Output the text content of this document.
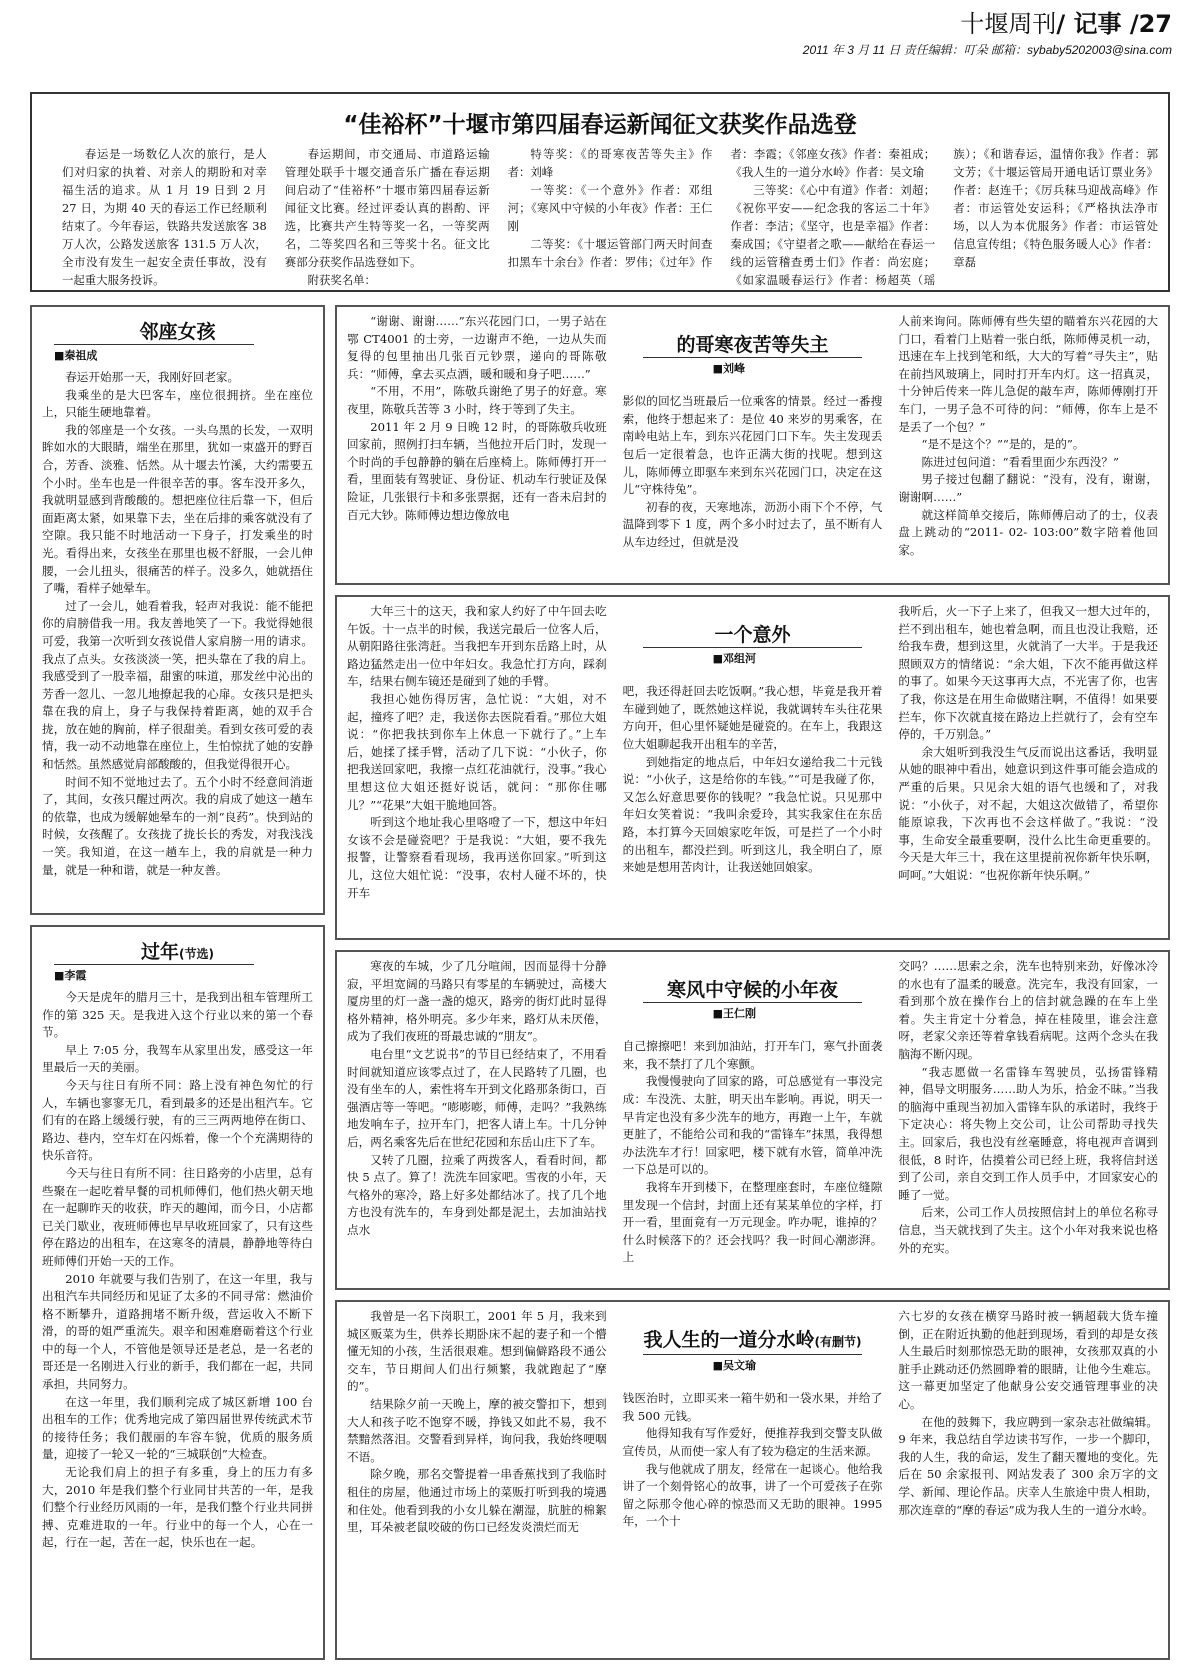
十堰周刊/ 记事 /27
2011 年 3 月 11 日 责任编辑：叮朵 邮箱：sybaby5202003@sina.com
“佳裕杯”十堰市第四届春运新闻征文获奖作品选登

春运是一场数亿人次的旅行，是人们对归家的执着、对亲人的期盼和对幸福生活的追求。从 1 月 19 日到 2 月 27 日，为期 40 天的春运工作已经顺利结束了。今年春运，铁路共发送旅客 38 万人次，公路发送旅客 131.5 万人次，全市没有发生一起安全责任事故，没有一起重大服务投诉。

春运期间，市交通局、市道路运输管理处联手十堰交通音乐广播在春运期间启动了“佳裕杯”十堰市第四届春运新闻征文比赛。经过评委认真的斟酌、评选，比赛共产生特等奖一名，一等奖两名，二等奖四名和三等奖十名。征文比赛部分获奖作品选登如下。

附获奖名单：

特等奖：《的哥寒夜苦等失主》作者：刘峰

一等奖：《一个意外》作者：邓组河；《寒风中守候的小年夜》作者：王仁刚

二等奖：《十堰运管部门两天时间查扣黑车十余台》作者：罗伟；《过年》作者：李霞；《邻座女孩》作者：秦祖成；《我人生的一道分水岭》作者：吴文瑜

三等奖：《心中有道》作者：刘超；《祝你平安——纪念我的客运二十年》作者：李洁；《坚守，也是幸福》作者：秦成国；《守望者之歌——献给在春运一线的运管稽查勇士们》作者：尚宏庭；《如家温暖春运行》作者：杨超英（瑶族）；《和谐春运，温情你我》作者：郭文芳；《十堰运管局开通电话订票业务》作者：赵连千；《厉兵秣马迎战高峰》作者：市运管处安运科；《严格执法净市场，以人为本优服务》作者：市运管处信息宣传组；《特色服务暖人心》作者：章磊

邻座女孩
■秦祖成

春运开始那一天，我刚好回老家。

我乘坐的是大巴客车，座位很拥挤。坐在座位上，只能生硬地靠着。

我的邻座是一个女孩。一头乌黑的长发，一双明眸如水的大眼睛，端坐在那里，犹如一束盛开的野百合，芳香、淡雅、恬然。从十堰去竹溪，大约需要五个小时。坐车也是一件很辛苦的事。客车没开多久，我就明显感到背酸酸的。想把座位往后靠一下，但后面距离太紧，如果靠下去，坐在后排的乘客就没有了空隙。我只能不时地活动一下身子，打发乘坐的时光。看得出来，女孩坐在那里也极不舒服，一会儿伸腰，一会儿扭头，很痛苦的样子。没多久，她就捂住了嘴，看样子她晕车。

过了一会儿，她看着我，轻声对我说：能不能把你的肩膀借我一用。我友善地笑了一下。我觉得她很可爱，我第一次听到女孩说借人家肩膀一用的请求。我点了点头。女孩淡淡一笑，把头靠在了我的肩上。我感受到了一股幸福，甜蜜的味道，那发丝中沁出的芳香一忽儿、一忽儿地撩起我的心扉。女孩只是把头靠在我的肩上，身子与我保持着距离，她的双手合拢，放在她的胸前，样子很甜美。看到女孩可爱的表情，我一动不动地靠在座位上，生怕惊扰了她的安静和恬然。虽然感觉肩部酸酸的，但我觉得很开心。

时间不知不觉地过去了。五个小时不经意间消逝了，其间，女孩只醒过两次。我的肩成了她这一趟车的依靠，也成为缓解她晕车的一剂“良药”。快到站的时候，女孩醒了。女孩拢了拢长长的秀发，对我浅浅一笑。我知道，在这一趟车上，我的肩就是一种力量，就是一种和谐，就是一种友善。

过年(节选)
■李霞

今天是虎年的腊月三十，是我到出租车管理所工作的第 325 天。是我进入这个行业以来的第一个春节。

早上 7:05 分，我驾车从家里出发，感受这一年里最后一天的美丽。

今天与往日有所不同：路上没有神色匆忙的行人，车辆也寥寥无几，看到最多的还是出租汽车。它们有的在路上缓缓行驶，有的三三两两地停在街口、路边、巷内，空车灯在闪烁着，像一个个充满期待的快乐音符。

今天与往日有所不同：往日路旁的小店里，总有些聚在一起吃着早餐的司机师傅们，他们热火朝天地在一起聊昨天的收获，昨天的趣闻，而今日，小店都已关门歇业，夜班师傅也早早收班回家了，只有这些停在路边的出租车，在这寒冬的清晨，静静地等待白班师傅们开始一天的工作。

2010 年就要与我们告别了，在这一年里，我与出租汽车共同经历和见证了太多的不同寻常：燃油价格不断攀升，道路拥堵不断升级，营运收入不断下滑，的哥的姐严重流失。艰辛和困难磨砺着这个行业中的每一个人，不管他是领导还是老总，是一名老的哥还是一名刚进入行业的新手，我们都在一起，共同承担，共同努力。

在这一年里，我们顺利完成了城区新增 100 台出租车的工作；优秀地完成了第四届世界传统武术节的接待任务；我们靓丽的车容车貌，优质的服务质量，迎接了一轮又一轮的“三城联创”大检查。

无论我们肩上的担子有多重，身上的压力有多大，2010 年是我们整个行业同甘共苦的一年，是我们整个行业经历风雨的一年，是我们整个行业共同拼搏、克难进取的一年。行业中的每一个人，心在一起，行在一起，苦在一起，快乐也在一起。

“谢谢、谢谢……”东兴花园门口，一男子站在鄂 CT4001 的士旁，一边谢声不绝，一边从失而复得的包里抽出几张百元钞票，递向的哥陈敬兵：“师傅，拿去买点酒，暖和暖和身子吧……”

“不用，不用”，陈敬兵谢绝了男子的好意。寒夜里，陈敬兵苦等 3 小时，终于等到了失主。

2011 年 2 月 9 日晚 12 时，的哥陈敬兵收班回家前，照例打扫车辆，当他拉开后门时，发现一个时尚的手包静静的躺在后座椅上。陈师傅打开一看，里面装有驾驶证、身份证、机动车行驶证及保险证，几张银行卡和多张票据，还有一沓未启封的百元大钞。陈师傅边想边像放电

的哥寒夜苦等失主
■刘峰

影似的回忆当班最后一位乘客的情景。经过一番搜索，他终于想起来了：是位 40 来岁的男乘客，在南岭电站上车，到东兴花园门口下车。失主发现丢包后一定很着急，也许正满大街的找呢。想到这儿，陈师傅立即驱车来到东兴花园门口，决定在这儿“守株待兔”。

初春的夜，天寒地冻，沥沥小雨下个不停，气温降到零下 1 度，两个多小时过去了，虽不断有人从车边经过，但就是没

人前来询问。陈师傅有些失望的瞄着东兴花园的大门口，看着门上贴着一张白纸，陈师傅灵机一动，迅速在车上找到笔和纸，大大的写着“寻失主”，贴在前挡风玻璃上，同时打开车内灯。这一招真灵，十分钟后传来一阵儿急促的敲车声，陈师傅刚打开车门，一男子急不可待的问：“师傅，你车上是不是丢了一个包？”

“是不是这个？”“是的，是的”。

陈进过包问道：“看看里面少东西没？”

男子接过包翻了翻说：“没有，没有，谢谢，谢谢啊……”

就这样简单交接后，陈师傅启动了的士，仪表盘上跳动的“2011- 02- 103:00”数字陪着他回家。

大年三十的这天，我和家人约好了中午回去吃午饭。十一点半的时候，我送完最后一位客人后，从朝阳路往张湾赶。当我把车开到东岳路上时，从路边猛然走出一位中年妇女。我急忙打方向，踩刹车，结果右侧车镜还是碰到了她的手臂。

我担心她伤得厉害，急忙说：“大姐，对不起，撞疼了吧？走，我送你去医院看看。”那位大姐说：“你把我扶到你车上休息一下就行了。”上车后，她揉了揉手臂，活动了几下说：“小伙子，你把我送回家吧，我擦一点红花油就行，没事。”我心里想这位大姐还挺好说话，就问：“那你住哪儿？”“花果”大姐干脆地回答。

听到这个地址我心里咯噔了一下，想这中年妇女该不会是碰瓷吧？于是我说：“大姐，要不我先报警，让警察看看现场，我再送你回家。”听到这儿，这位大姐忙说：“没事，农村人碰不坏的，快开车

一个意外
■邓组河

吧，我还得赶回去吃饭啊。”我心想，毕竟是我开着车碰到她了，既然她这样说，我就调转车头往花果方向开，但心里怀疑她是碰瓷的。在车上，我跟这位大姐聊起我开出租车的辛苦，

到她指定的地点后，中年妇女递给我二十元钱说：“小伙子，这是给你的车钱。”“可是我碰了你，又怎么好意思要你的钱呢？”我急忙说。只见那中年妇女笑着说：“我叫余爱玲，其实我家住在东岳路，本打算今天回娘家吃年饭，可是拦了一个小时的出租车，都没拦到。听到这儿，我全明白了，原来她是想用苦肉计，让我送她回娘家。

我听后，火一下子上来了，但我又一想大过年的，拦不到出租车，她也着急啊，而且也没让我赔，还给我车费，想到这里，火就消了一大半。于是我还照顾双方的情绪说：“余大姐，下次不能再做这样的事了。如果今天这事再大点，不光害了你，也害了我，你这是在用生命做赌注啊，不值得！如果要拦车，你下次就直接在路边上拦就行了，会有空车停的，千万别急。”

余大姐听到我没生气反而说出这番话，我明显从她的眼神中看出，她意识到这件事可能会造成的严重的后果。只见余大姐的语气也缓和了，对我说：“小伙子，对不起，大姐这次做错了，希望你能原谅我，下次再也不会这样做了。”我说：“没事，生命安全最重要啊，没什么比生命更重要的。今天是大年三十，我在这里提前祝你新年快乐啊，呵呵。”大姐说：“也祝你新年快乐啊。”

寒夜的车城，少了几分喧闹，因而显得十分静寂，平坦宽阔的马路只有零星的车辆驶过，高楼大厦房里的灯一盏一盏的熄灭，路旁的街灯此时显得格外精神，格外明亮。多少年来，路灯从未厌倦，成为了我们夜班的哥最忠诚的“朋友”。

电台里“文艺说书”的节目已经结束了，不用看时间就知道应该零点过了，在人民路转了几圈，也没有坐车的人，索性将车开到文化路那条街口，百强酒店等一等吧。“嘭嘭嘭，师傅，走吗？”我熟练地发响车子，拉开车门，把客人请上车。十几分钟后，两名乘客先后在世纪花园和东岳山庄下了车。

又转了几圈，拉乘了两拨客人，看看时间，都快 5 点了。算了！洗洗车回家吧。雪夜的小年，天气格外的寒冷，路上好多处都结冰了。找了几个地方也没有洗车的，车身到处都是泥土，去加油站找点水

寒风中守候的小年夜
■王仁刚

自己擦擦吧！来到加油站，打开车门，寒气扑面袭来，我不禁打了几个寒颤。

我慢慢驶向了回家的路，可总感觉有一事没完成：车没洗、太脏，明天出车影响。再说，明天一早肯定也没有多少洗车的地方，再跑一上午，车就更脏了，不能给公司和我的“雷锋车”抹黑，我得想办法洗车才行！回家吧，楼下就有水管，简单冲洗一下总是可以的。

我将车开到楼下，在整理座套时，车座位缝隙里发现一个信封，封面上还有某某单位的字样，打开一看，里面竟有一万元现金。咋办呢，谁掉的？什么时候落下的？还会找吗？我一时间心潮澎湃。上

交吗？……思索之余，洗车也特别来劲，好像冰冷的水也有了温柔的暖意。洗完车，我没有回家，一看到那个放在操作台上的信封就急躁的在车上坐着。失主肯定十分着急，掉在桂陵里，谁会注意呀，老家父亲还等着拿钱看病呢。这两个念头在我脑海不断闪现。

“我志愿做一名雷锋车驾驶员，弘扬雷锋精神，倡导文明服务……助人为乐，拾金不昧。”当我的脑海中重现当初加入雷锋车队的承诺时，我终于下定决心：将失物上交公司，让公司帮助寻找失主。回家后，我也没有丝毫睡意，将电视声音调到很低，8 时许，估摸着公司已经上班，我将信封送到了公司，亲自交到工作人员手中，才回家安心的睡了一觉。

后来，公司工作人员按照信封上的单位名称寻信息，当天就找到了失主。这个小年对我来说也格外的充实。

我曾是一名下岗职工，2001 年 5 月，我来到城区贩菜为生，供养长期卧床不起的妻子和一个懵懂无知的小孩，生活很艰难。想到偏僻路段不通公交车，节日期间人们出行频繁，我就跑起了“摩的”。

结果除夕前一天晚上，摩的被交警扣下，想到大人和孩子吃不饱穿不暖，挣钱又如此不易，我不禁黯然落泪。交警看到异样，询问我，我始终哽咽不语。

除夕晚，那名交警提着一串香蕉找到了我临时租住的房屋，他通过市场上的菜贩打听到我的境遇和住处。他看到我的小女儿躲在潮湿，肮脏的棉絮里，耳朵被老鼠咬破的伤口已经发炎溃烂而无

我人生的一道分水岭(有删节)
■吴文瑜

钱医治时，立即买来一箱牛奶和一袋水果，并给了我 500 元钱。

他得知我有写作爱好，便推荐我到交警支队做宣传员，从而使一家人有了较为稳定的生活来源。

我与他就成了朋友，经常在一起谈心。他给我讲了一个刻骨铭心的故事，讲了一个可爱孩子在弥留之际那令他心碎的惊恐而又无助的眼神。1995 年，一个十

六七岁的女孩在横穿马路时被一辆超载大货车撞倒，正在附近执勤的他赶到现场，看到的却是女孩人生最后时刻那惊恐无助的眼神，女孩那双真的小脏手止跳动还仍然圆睁着的眼睛，让他今生难忘。这一幕更加坚定了他献身公安交通管理事业的决心。

在他的鼓舞下，我应聘到一家杂志社做编辑。9 年来，我总结自学边读书写作，一步一个脚印，我的人生，我的命运，发生了翻天覆地的变化。先后在 50 余家报刊、网站发表了 300 余万字的文学、新闻、理论作品。庆幸人生旅途中贵人相助，那次连章的“摩的春运”成为我人生的一道分水岭。
